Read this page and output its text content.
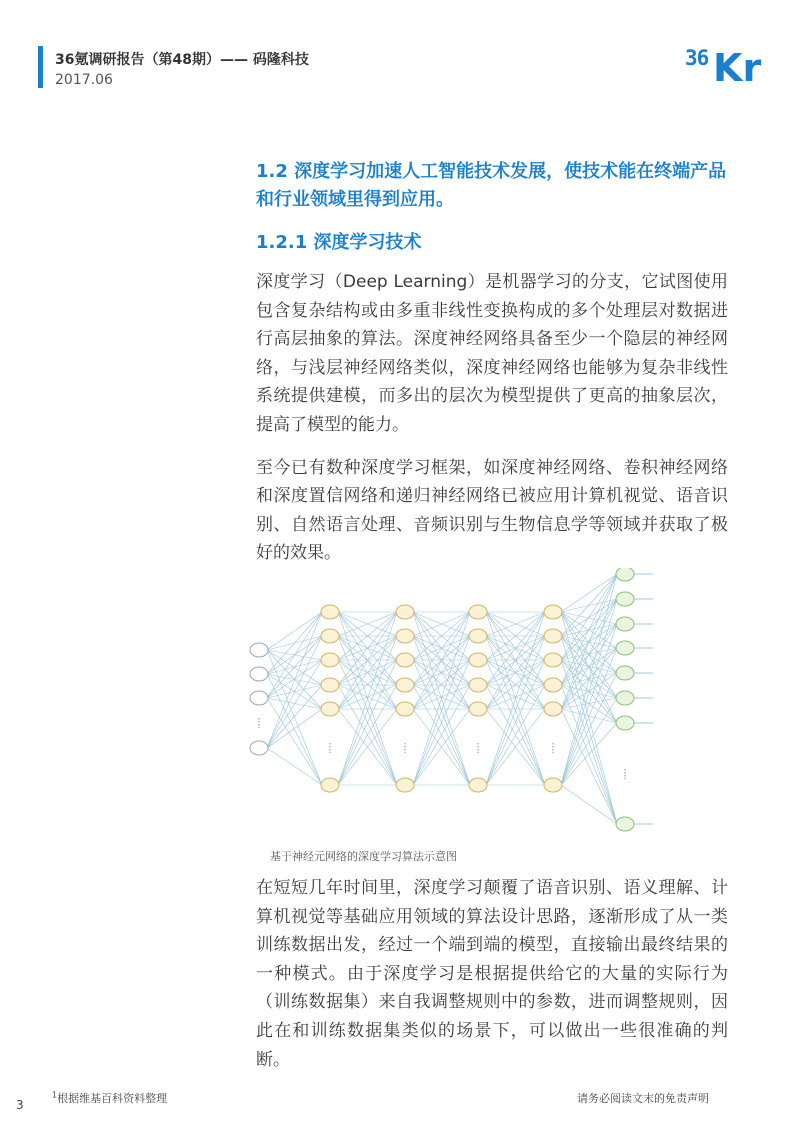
36氪调研报告（第48期）—— 码隆科技
2017.06
36 Kr
1.2 深度学习加速人工智能技术发展，使技术能在终端产品和行业领域里得到应用。
1.2.1 深度学习技术

深度学习（Deep Learning）是机器学习的分支，它试图使用包含复杂结构或由多重非线性变换构成的多个处理层对数据进行高层抽象的算法。深度神经网络具备至少一个隐层的神经网络，与浅层神经网络类似，深度神经网络也能够为复杂非线性系统提供建模，而多出的层次为模型提供了更高的抽象层次，提高了模型的能力。

至今已有数种深度学习框架，如深度神经网络、卷积神经网络和深度置信网络和递归神经网络已被应用计算机视觉、语音识别、自然语言处理、音频识别与生物信息学等领域并获取了极好的效果。

基于神经元网络的深度学习算法示意图

在短短几年时间里，深度学习颠覆了语音识别、语义理解、计算机视觉等基础应用领域的算法设计思路，逐渐形成了从一类训练数据出发，经过一个端到端的模型，直接输出最终结果的一种模式。由于深度学习是根据提供给它的大量的实际行为（训练数据集）来自我调整规则中的参数，进而调整规则，因此在和训练数据集类似的场景下，可以做出一些很准确的判断。

3
$^1$根据维基百科资料整理	请务必阅读文末的免责声明
